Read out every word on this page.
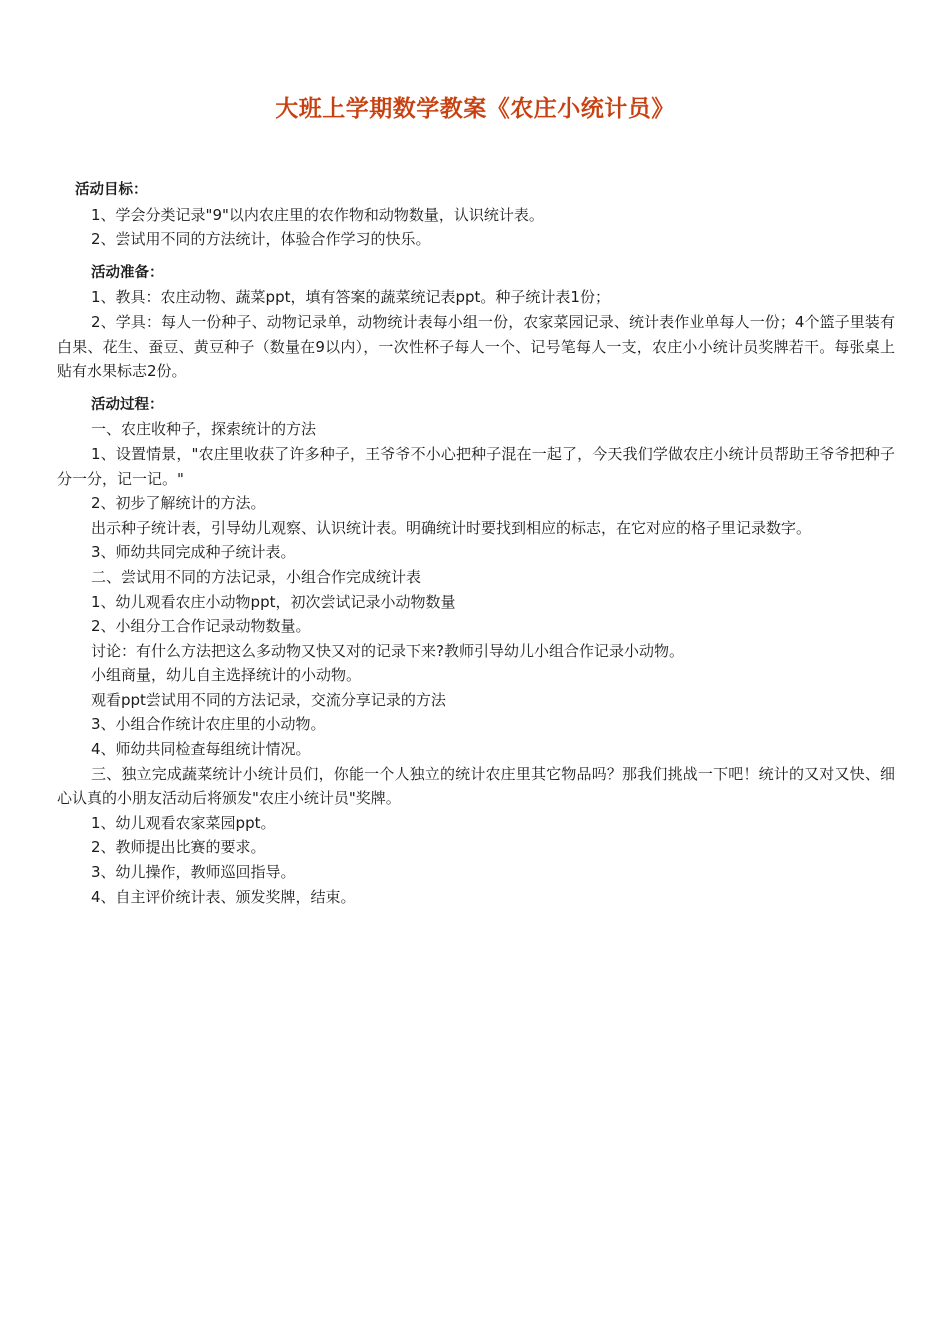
大班上学期数学教案《农庄小统计员》
活动目标：
1、学会分类记录"9"以内农庄里的农作物和动物数量，认识统计表。
2、尝试用不同的方法统计，体验合作学习的快乐。
活动准备：
1、教具：农庄动物、蔬菜ppt，填有答案的蔬菜统记表ppt。种子统计表1份；
2、学具：每人一份种子、动物记录单，动物统计表每小组一份，农家菜园记录、统计表作业单每人一份；4个篮子里装有白果、花生、蚕豆、黄豆种子（数量在9以内），一次性杯子每人一个、记号笔每人一支，农庄小小统计员奖牌若干。每张桌上贴有水果标志2份。
活动过程：
一、农庄收种子，探索统计的方法
1、设置情景，"农庄里收获了许多种子，王爷爷不小心把种子混在一起了，今天我们学做农庄小统计员帮助王爷爷把种子分一分，记一记。"
2、初步了解统计的方法。
出示种子统计表，引导幼儿观察、认识统计表。明确统计时要找到相应的标志，在它对应的格子里记录数字。
3、师幼共同完成种子统计表。
二、尝试用不同的方法记录，小组合作完成统计表
1、幼儿观看农庄小动物ppt，初次尝试记录小动物数量
2、小组分工合作记录动物数量。
讨论：有什么方法把这么多动物又快又对的记录下来?教师引导幼儿小组合作记录小动物。
小组商量，幼儿自主选择统计的小动物。
观看ppt尝试用不同的方法记录，交流分享记录的方法
3、小组合作统计农庄里的小动物。
4、师幼共同检查每组统计情况。
三、独立完成蔬菜统计小统计员们，你能一个人独立的统计农庄里其它物品吗？那我们挑战一下吧！统计的又对又快、细心认真的小朋友活动后将颁发"农庄小统计员"奖牌。
1、幼儿观看农家菜园ppt。
2、教师提出比赛的要求。
3、幼儿操作，教师巡回指导。
4、自主评价统计表、颁发奖牌，结束。
